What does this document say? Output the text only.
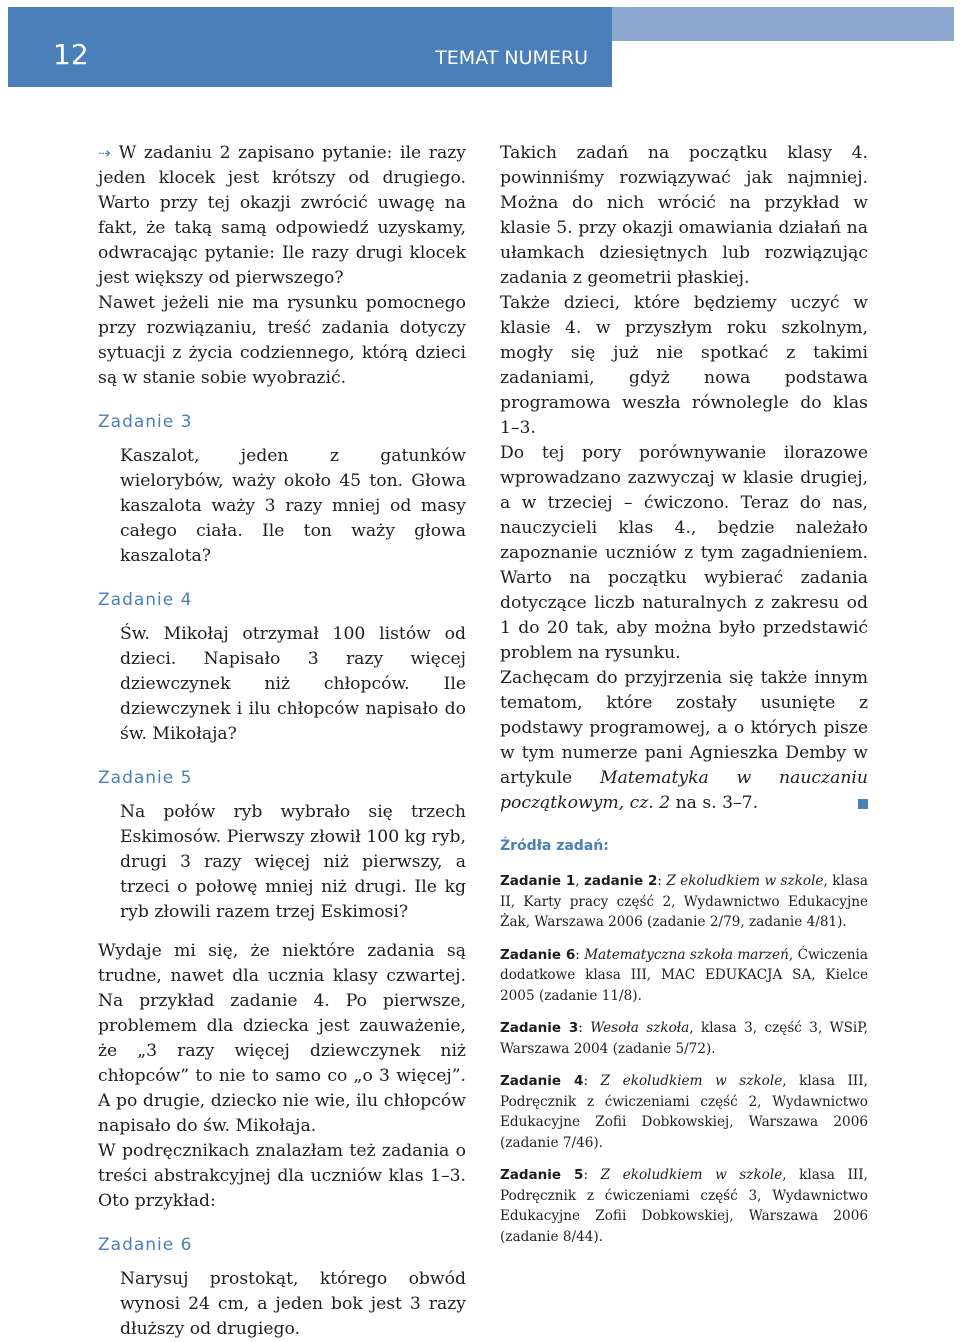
12	TEMAT NUMERU

⇢ W zadaniu 2 zapisano pytanie: ile razy jeden klocek jest krótszy od drugiego. Warto przy tej okazji zwrócić uwagę na fakt, że taką samą odpowiedź uzyskamy, odwracając pytanie: Ile razy drugi klocek jest większy od pierwszego?

Nawet jeżeli nie ma rysunku pomocnego przy rozwiązaniu, treść zadania dotyczy sytuacji z życia codziennego, którą dzieci są w stanie sobie wyobrazić.

Zadanie 3

Kaszalot, jeden z gatunków wielorybów, waży około 45 ton. Głowa kaszalota waży 3 razy mniej od masy całego ciała. Ile ton waży głowa kaszalota?

Zadanie 4

Św. Mikołaj otrzymał 100 listów od dzieci. Napisało 3 razy więcej dziewczynek niż chłopców. Ile dziewczynek i ilu chłopców napisało do św. Mikołaja?

Zadanie 5

Na połów ryb wybrało się trzech Eskimosów. Pierwszy złowił 100 kg ryb, drugi 3 razy więcej niż pierwszy, a trzeci o połowę mniej niż drugi. Ile kg ryb złowili razem trzej Eskimosi?

Wydaje mi się, że niektóre zadania są trudne, nawet dla ucznia klasy czwartej. Na przykład zadanie 4. Po pierwsze, problemem dla dziecka jest zauważenie, że „3 razy więcej dziewczynek niż chłopców” to nie to samo co „o 3 więcej”. A po drugie, dziecko nie wie, ilu chłopców napisało do św. Mikołaja.

W podręcznikach znalazłam też zadania o treści abstrakcyjnej dla uczniów klas 1–3. Oto przykład:

Zadanie 6

Narysuj prostokąt, którego obwód wynosi 24 cm, a jeden bok jest 3 razy dłuższy od drugiego.

Takich zadań na początku klasy 4. powinniśmy rozwiązywać jak najmniej. Można do nich wrócić na przykład w klasie 5. przy okazji omawiania działań na ułamkach dziesiętnych lub rozwiązując zadania z geometrii płaskiej.

Także dzieci, które będziemy uczyć w klasie 4. w przyszłym roku szkolnym, mogły się już nie spotkać z takimi zadaniami, gdyż nowa podstawa programowa weszła równolegle do klas 1–3.

Do tej pory porównywanie ilorazowe wprowadzano zazwyczaj w klasie drugiej, a w trzeciej – ćwiczono. Teraz do nas, nauczycieli klas 4., będzie należało zapoznanie uczniów z tym zagadnieniem. Warto na początku wybierać zadania dotyczące liczb naturalnych z zakresu od 1 do 20 tak, aby można było przedstawić problem na rysunku.

Zachęcam do przyjrzenia się także innym tematom, które zostały usunięte z podstawy programowej, a o których pisze w tym numerze pani Agnieszka Demby w artykule Matematyka w nauczaniu początkowym, cz. 2 na s. 3–7.

Źródła zadań:

Zadanie 1, zadanie 2: Z ekoludkiem w szkole, klasa II, Karty pracy część 2, Wydawnictwo Edukacyjne Żak, Warszawa 2006 (zadanie 2/79, zadanie 4/81).

Zadanie 6: Matematyczna szkoła marzeń, Ćwiczenia dodatkowe klasa III, MAC EDUKACJA SA, Kielce 2005 (zadanie 11/8).

Zadanie 3: Wesoła szkoła, klasa 3, część 3, WSiP, Warszawa 2004 (zadanie 5/72).

Zadanie 4: Z ekoludkiem w szkole, klasa III, Podręcznik z ćwiczeniami część 2, Wydawnictwo Edukacyjne Zofii Dobkowskiej, Warszawa 2006 (zadanie 7/46).

Zadanie 5: Z ekoludkiem w szkole, klasa III, Podręcznik z ćwiczeniami część 3, Wydawnictwo Edukacyjne Zofii Dobkowskiej, Warszawa 2006 (zadanie 8/44).
